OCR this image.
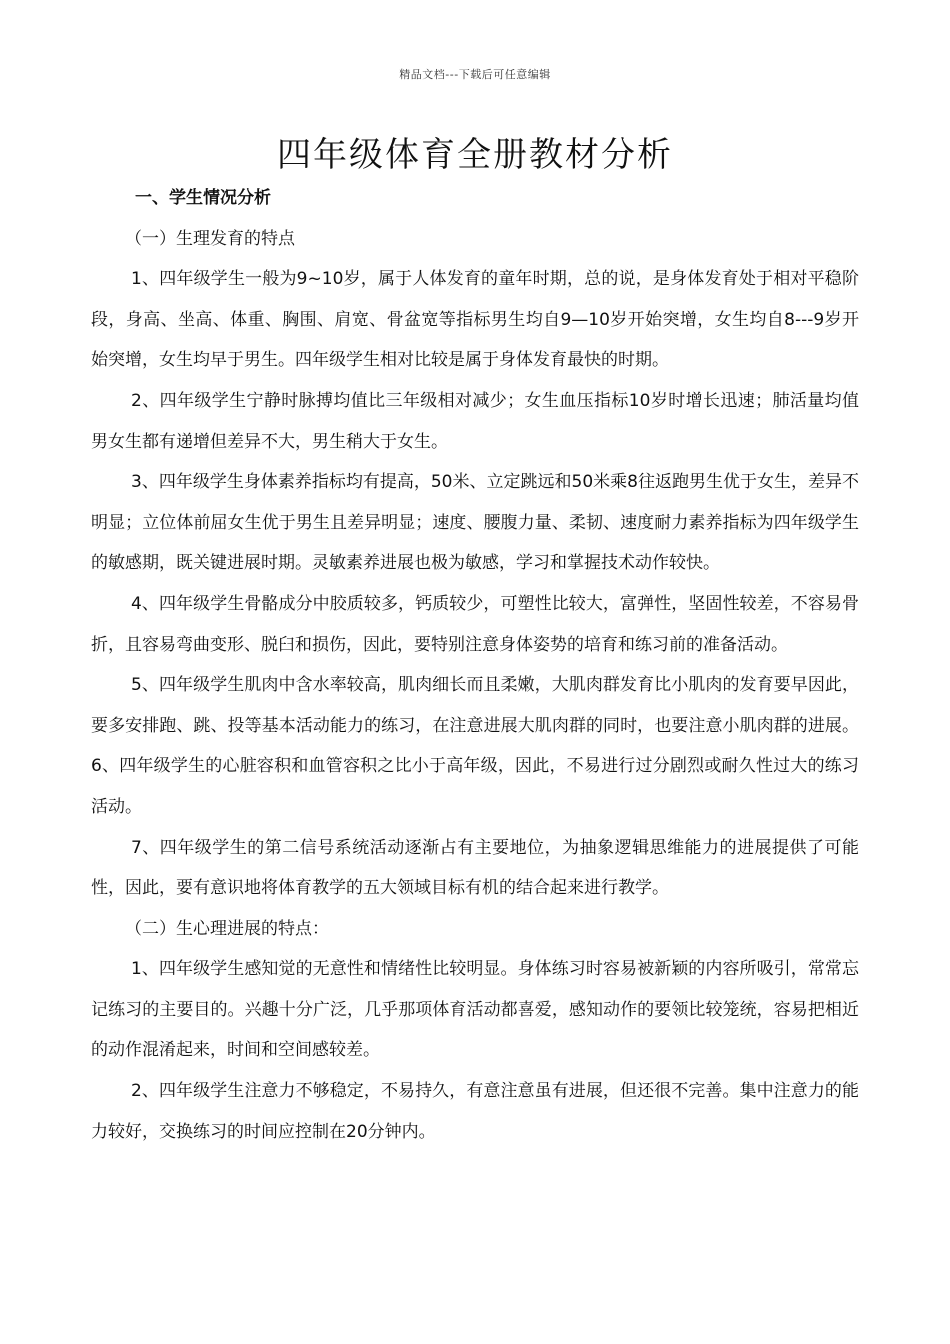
精品文档---下载后可任意编辑
四年级体育全册教材分析

一、学生情况分析

（一）生理发育的特点

1、四年级学生一般为9~10岁，属于人体发育的童年时期，总的说，是身体发育处于相对平稳阶段，身高、坐高、体重、胸围、肩宽、骨盆宽等指标男生均自9—10岁开始突增，女生均自8---9岁开始突增，女生均早于男生。四年级学生相对比较是属于身体发育最快的时期。

2、四年级学生宁静时脉搏均值比三年级相对减少；女生血压指标10岁时增长迅速；肺活量均值男女生都有递增但差异不大，男生稍大于女生。

3、四年级学生身体素养指标均有提高，50米、立定跳远和50米乘8往返跑男生优于女生，差异不明显；立位体前屈女生优于男生且差异明显；速度、腰腹力量、柔韧、速度耐力素养指标为四年级学生的敏感期，既关键进展时期。灵敏素养进展也极为敏感，学习和掌握技术动作较快。

4、四年级学生骨骼成分中胶质较多，钙质较少，可塑性比较大，富弹性，坚固性较差，不容易骨折，且容易弯曲变形、脱臼和损伤，因此，要特别注意身体姿势的培育和练习前的准备活动。

5、四年级学生肌肉中含水率较高，肌肉细长而且柔嫩，大肌肉群发育比小肌肉的发育要早因此，要多安排跑、跳、投等基本活动能力的练习，在注意进展大肌肉群的同时，也要注意小肌肉群的进展。 6、四年级学生的心脏容积和血管容积之比小于高年级，因此，不易进行过分剧烈或耐久性过大的练习活动。

7、四年级学生的第二信号系统活动逐渐占有主要地位，为抽象逻辑思维能力的进展提供了可能性，因此，要有意识地将体育教学的五大领域目标有机的结合起来进行教学。

（二）生心理进展的特点：

1、四年级学生感知觉的无意性和情绪性比较明显。身体练习时容易被新颖的内容所吸引，常常忘记练习的主要目的。兴趣十分广泛，几乎那项体育活动都喜爱，感知动作的要领比较笼统，容易把相近的动作混淆起来，时间和空间感较差。

2、四年级学生注意力不够稳定，不易持久，有意注意虽有进展，但还很不完善。集中注意力的能力较好，交换练习的时间应控制在20分钟内。
